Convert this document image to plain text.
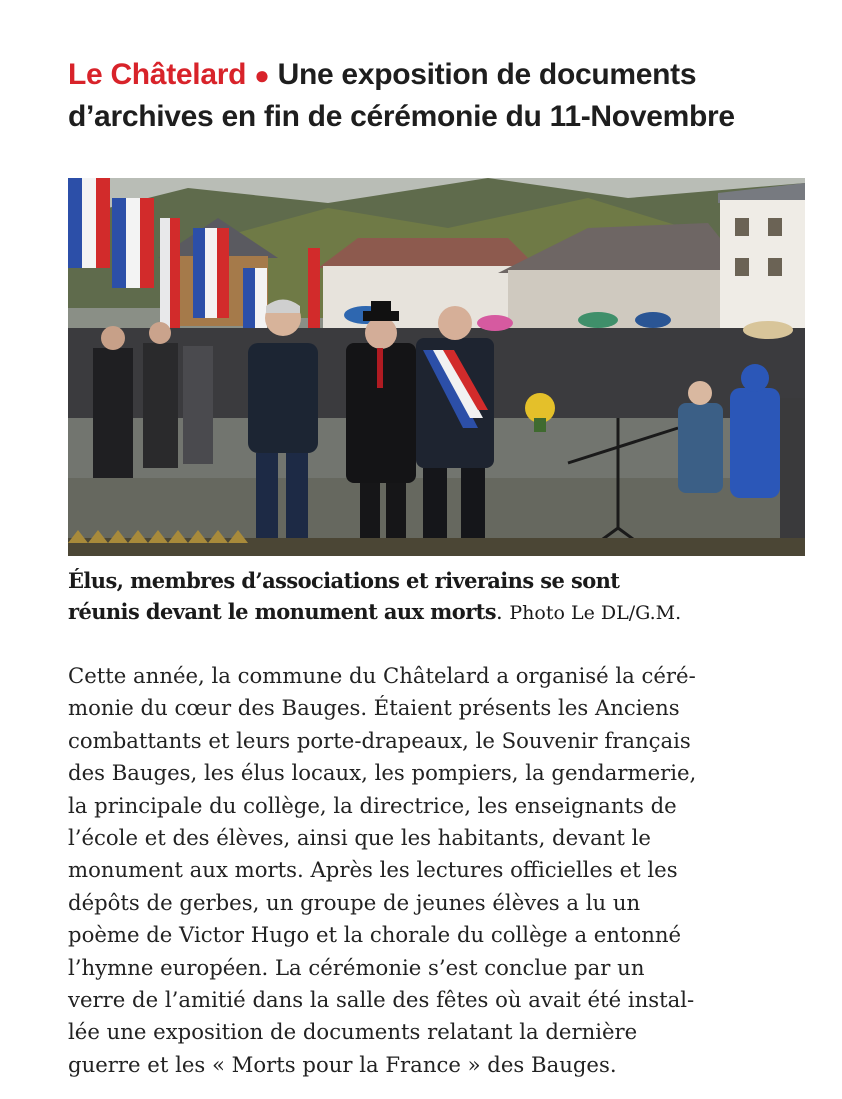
Le Châtelard ● Une exposition de documents
d’archives en fin de cérémonie du 11-Novembre

Élus, membres d’associations et riverains se sont
réunis devant le monument aux morts. Photo Le DL/G.M.

Cette année, la commune du Châtelard a organisé la céré-
monie du cœur des Bauges. Étaient présents les Anciens
combattants et leurs porte-drapeaux, le Souvenir français
des Bauges, les élus locaux, les pompiers, la gendarmerie,
la principale du collège, la directrice, les enseignants de
l’école et des élèves, ainsi que les habitants, devant le
monument aux morts. Après les lectures officielles et les
dépôts de gerbes, un groupe de jeunes élèves a lu un
poème de Victor Hugo et la chorale du collège a entonné
l’hymne européen. La cérémonie s’est conclue par un
verre de l’amitié dans la salle des fêtes où avait été instal-
lée une exposition de documents relatant la dernière
guerre et les « Morts pour la France » des Bauges.
